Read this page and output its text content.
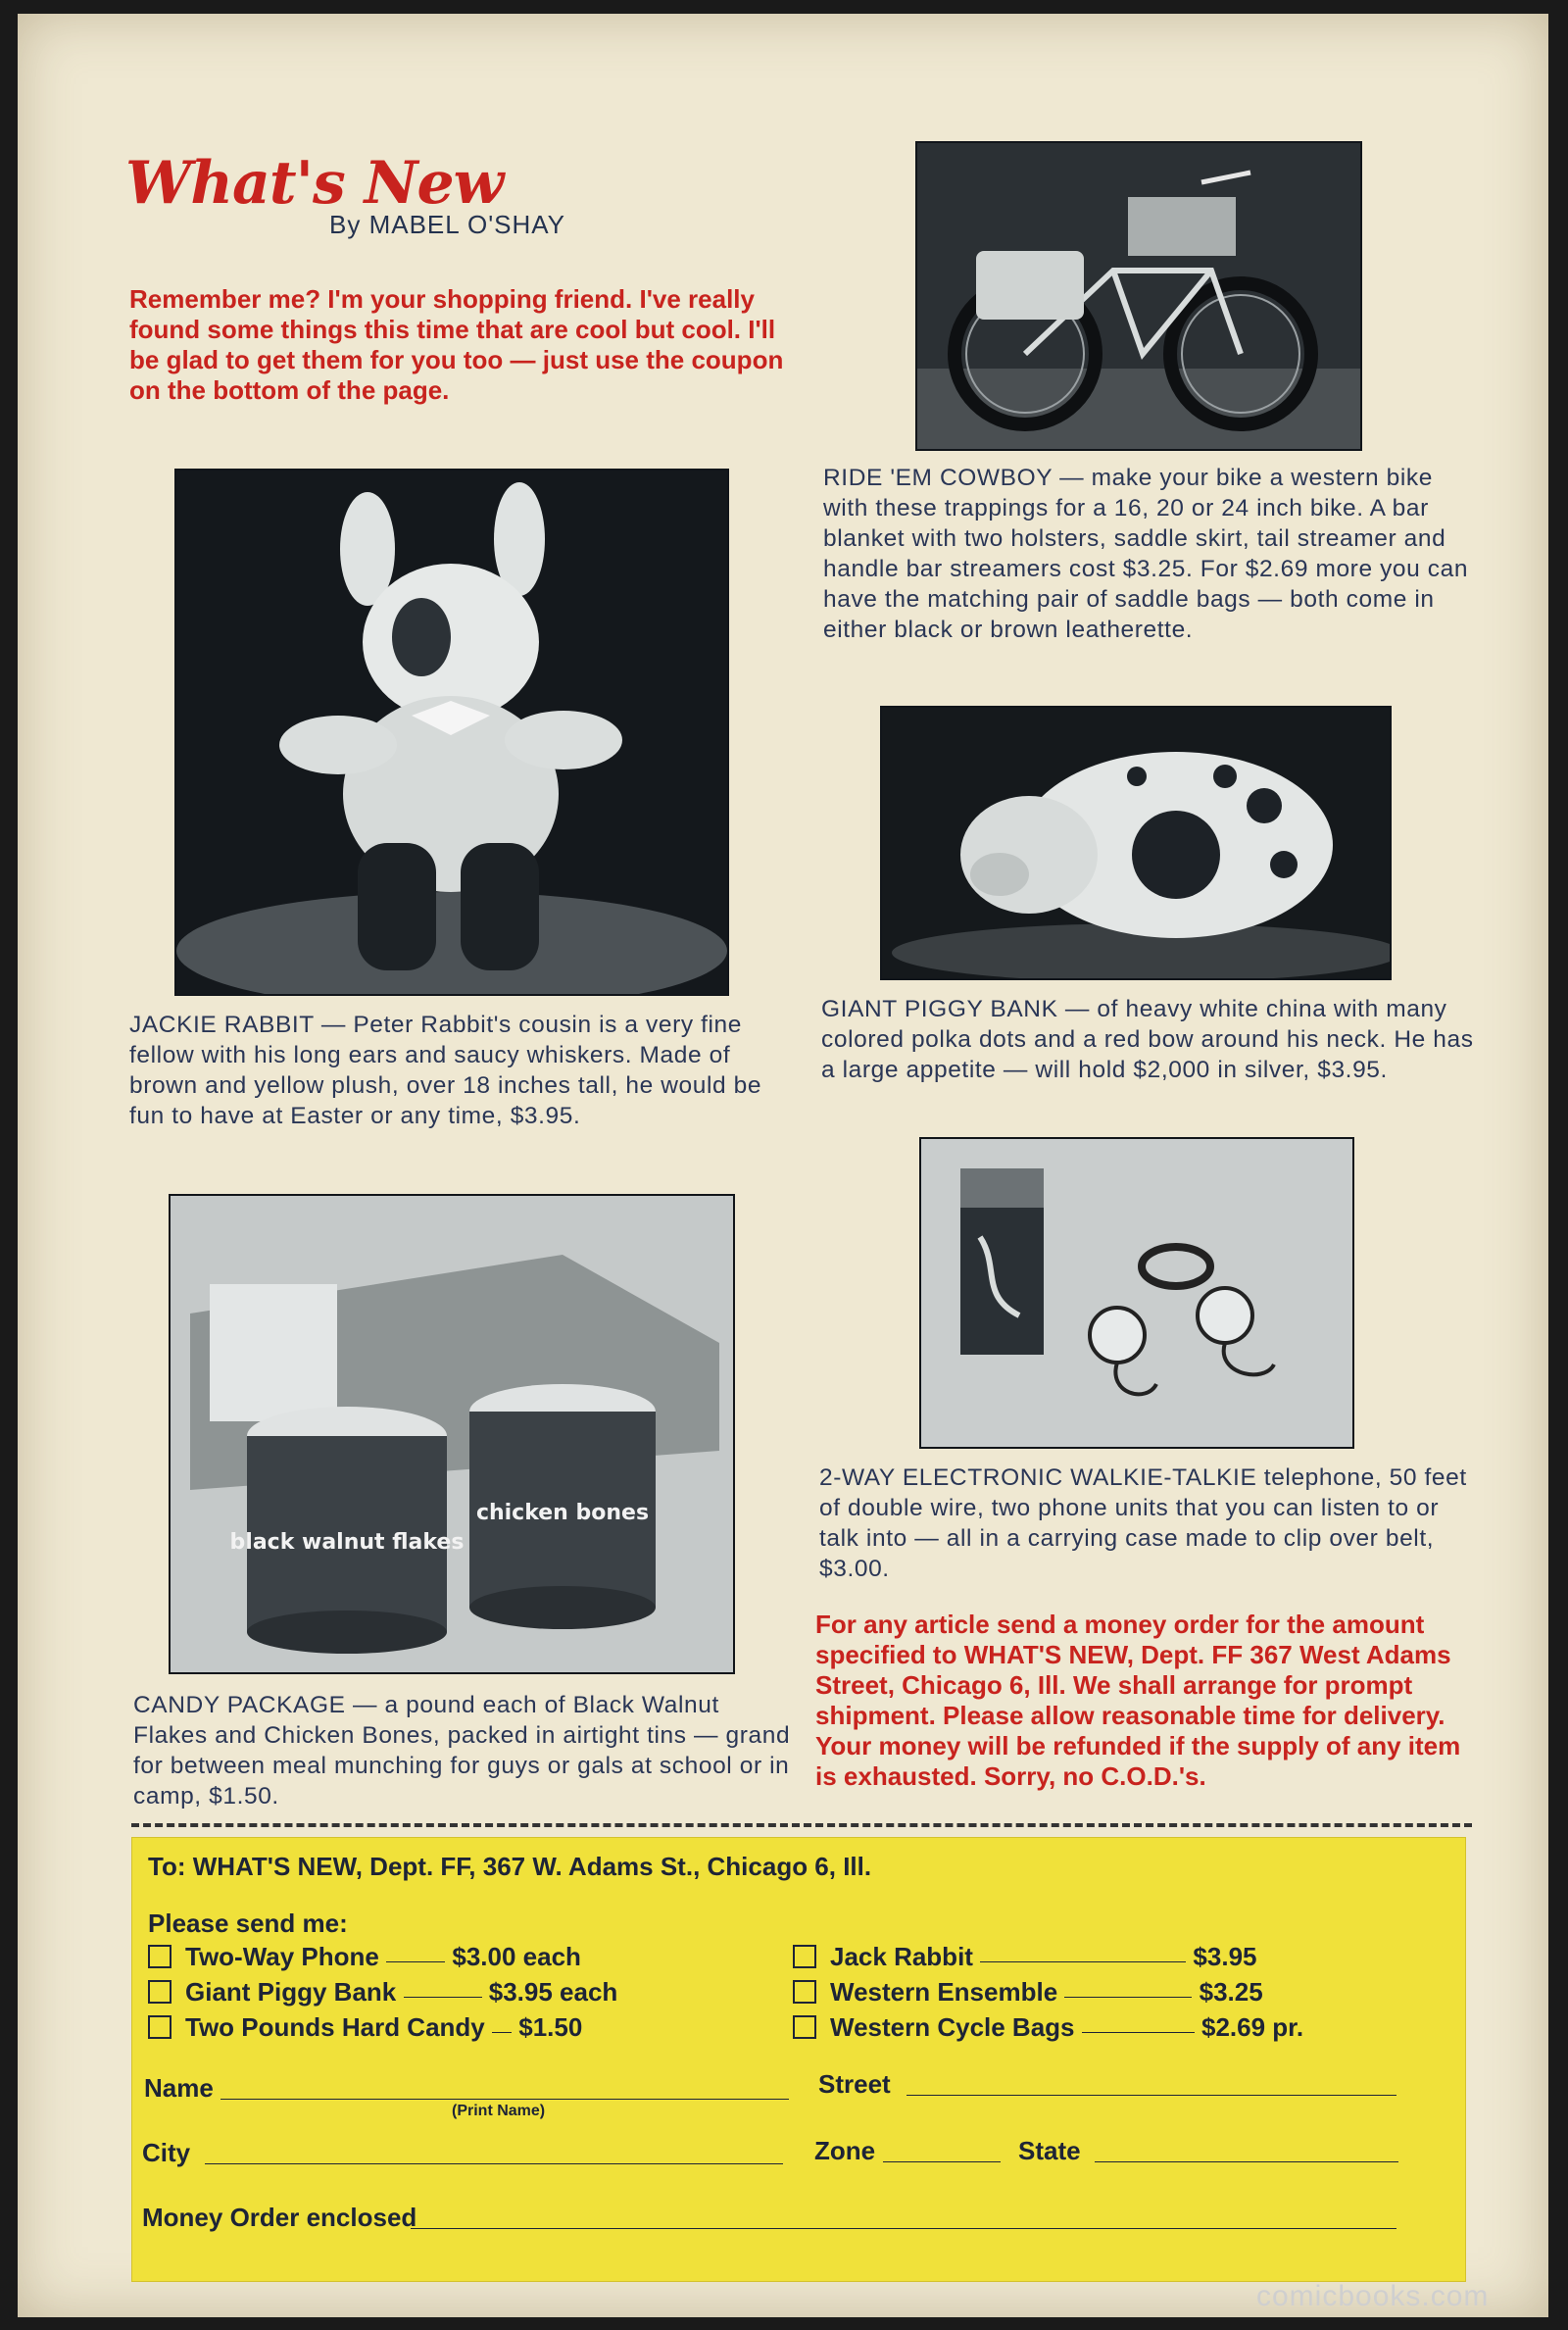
What's New
By MABEL O'SHAY
Remember me? I'm your shopping friend. I've really found some things this time that are cool but cool. I'll be glad to get them for you too — just use the coupon on the bottom of the page.
RIDE 'EM COWBOY — make your bike a western bike with these trappings for a 16, 20 or 24 inch bike. A bar blanket with two holsters, saddle skirt, tail streamer and handle bar streamers cost $3.25. For $2.69 more you can have the matching pair of saddle bags — both come in either black or brown leatherette.
JACKIE RABBIT — Peter Rabbit's cousin is a very fine fellow with his long ears and saucy whiskers. Made of brown and yellow plush, over 18 inches tall, he would be fun to have at Easter or any time, $3.95.
GIANT PIGGY BANK — of heavy white china with many colored polka dots and a red bow around his neck. He has a large appetite — will hold $2,000 in silver, $3.95.
2-WAY ELECTRONIC WALKIE-TALKIE telephone, 50 feet of double wire, two phone units that you can listen to or talk into — all in a carrying case made to clip over belt, $3.00.
black walnut flakes
chicken bones
CANDY PACKAGE — a pound each of Black Walnut Flakes and Chicken Bones, packed in airtight tins — grand for between meal munching for guys or gals at school or in camp, $1.50.
For any article send a money order for the amount specified to WHAT'S NEW, Dept. FF 367 West Adams Street, Chicago 6, Ill. We shall arrange for prompt shipment. Please allow reasonable time for delivery. Your money will be refunded if the supply of any item is exhausted. Sorry, no C.O.D.'s.
To: WHAT'S NEW, Dept. FF, 367 W. Adams St., Chicago 6, Ill.
Please send me:
Two-Way Phone	$3.00 each
Giant Piggy Bank	$3.95 each
Two Pounds Hard Candy $1.50
Jack Rabbit	$3.95
Western Ensemble	$3.25
Western Cycle Bags	$2.69 pr.
Name
(Print Name)
Street
City	Zone	State
Money Order enclosed
comicbooks.com
